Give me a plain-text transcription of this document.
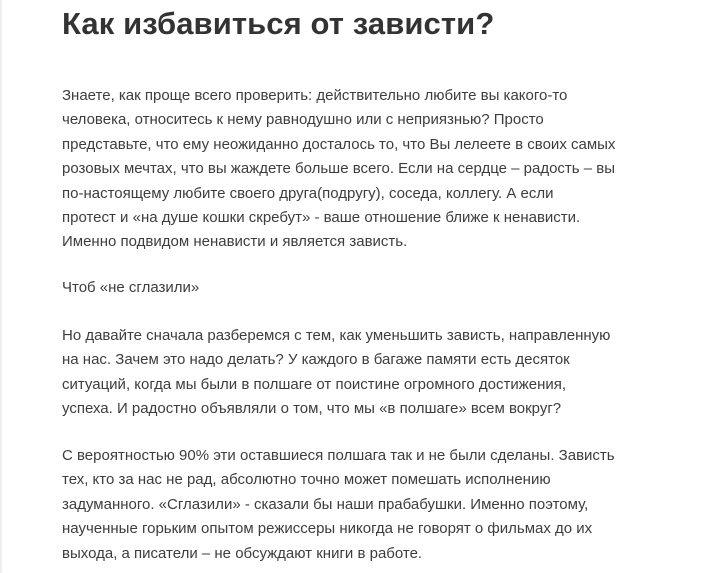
Как избавиться от зависти?

Знаете, как проще всего проверить: действительно любите вы какого-то
человека, относитесь к нему равнодушно или с неприязнью? Просто
представьте, что ему неожиданно досталось то, что Вы лелеете в своих самых
розовых мечтах, что вы жаждете больше всего. Если на сердце – радость – вы
по-настоящему любите своего друга(подругу), соседа, коллегу. А если
протест и «на душе кошки скребут» - ваше отношение ближе к ненависти.
Именно подвидом ненависти и является зависть.

Чтоб «не сглазили»

Но давайте сначала разберемся с тем, как уменьшить зависть, направленную
на нас. Зачем это надо делать? У каждого в багаже памяти есть десяток
ситуаций, когда мы были в полшаге от поистине огромного достижения,
успеха. И радостно объявляли о том, что мы «в полшаге» всем вокруг?

С вероятностью 90% эти оставшиеся полшага так и не были сделаны. Зависть
тех, кто за нас не рад, абсолютно точно может помешать исполнению
задуманного. «Сглазили» - сказали бы наши прабабушки. Именно поэтому,
наученные горьким опытом режиссеры никогда не говорят о фильмах до их
выхода, а писатели – не обсуждают книги в работе.
